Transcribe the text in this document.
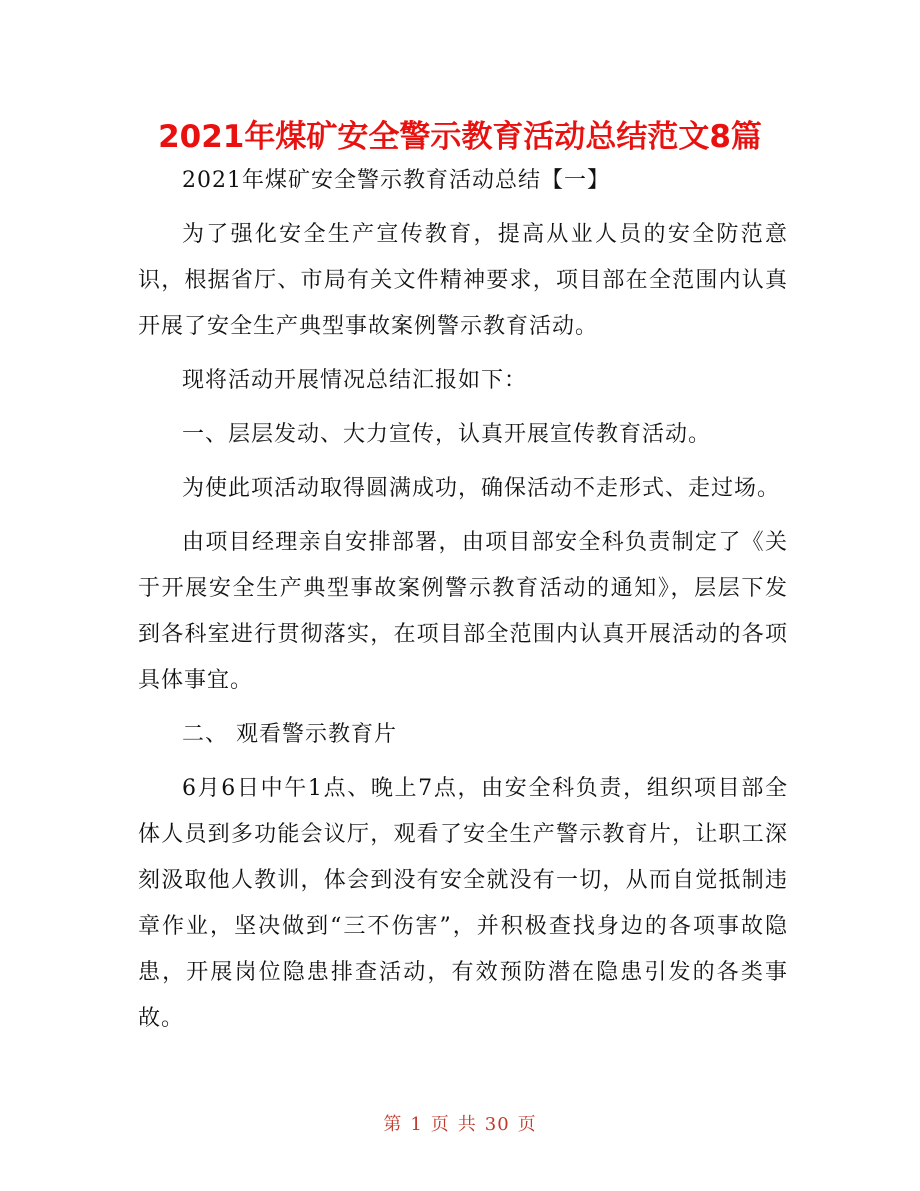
2021年煤矿安全警示教育活动总结范文8篇

2021年煤矿安全警示教育活动总结【一】

为了强化安全生产宣传教育，提高从业人员的安全防范意识，根据省厅、市局有关文件精神要求，项目部在全范围内认真开展了安全生产典型事故案例警示教育活动。

现将活动开展情况总结汇报如下：

一、层层发动、大力宣传，认真开展宣传教育活动。

为使此项活动取得圆满成功，确保活动不走形式、走过场。

由项目经理亲自安排部署，由项目部安全科负责制定了《关于开展安全生产典型事故案例警示教育活动的通知》，层层下发到各科室进行贯彻落实，在项目部全范围内认真开展活动的各项具体事宜。

二、 观看警示教育片

6月6日中午1点、晚上7点，由安全科负责，组织项目部全体人员到多功能会议厅，观看了安全生产警示教育片，让职工深刻汲取他人教训，体会到没有安全就没有一切，从而自觉抵制违章作业，坚决做到“三不伤害”，并积极查找身边的各项事故隐患，开展岗位隐患排查活动，有效预防潜在隐患引发的各类事故。

第 1 页 共 30 页
